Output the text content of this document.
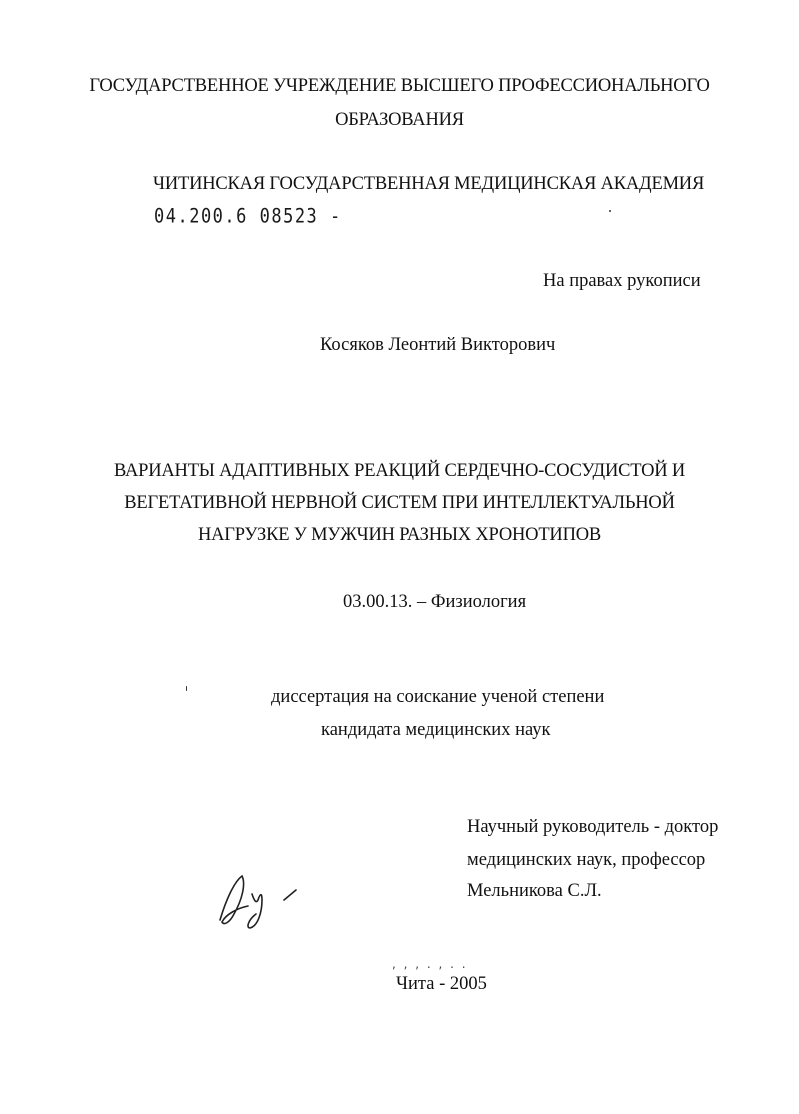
ГОСУДАРСТВЕННОЕ УЧРЕЖДЕНИЕ ВЫСШЕГО ПРОФЕССИОНАЛЬНОГО
ОБРАЗОВАНИЯ
ЧИТИНСКАЯ ГОСУДАРСТВЕННАЯ МЕДИЦИНСКАЯ АКАДЕМИЯ
04.200.6 08523 -
На правах рукописи
Косяков Леонтий Викторович
ВАРИАНТЫ АДАПТИВНЫХ РЕАКЦИЙ СЕРДЕЧНО-СОСУДИСТОЙ И
ВЕГЕТАТИВНОЙ НЕРВНОЙ СИСТЕМ ПРИ ИНТЕЛЛЕКТУАЛЬНОЙ
НАГРУЗКЕ У МУЖЧИН РАЗНЫХ ХРОНОТИПОВ
03.00.13. – Физиология
диссертация на соискание ученой степени
кандидата медицинских наук
Научный руководитель - доктор
медицинских наук, профессор
Мельникова С.Л.
, , , . , . .
Чита - 2005
